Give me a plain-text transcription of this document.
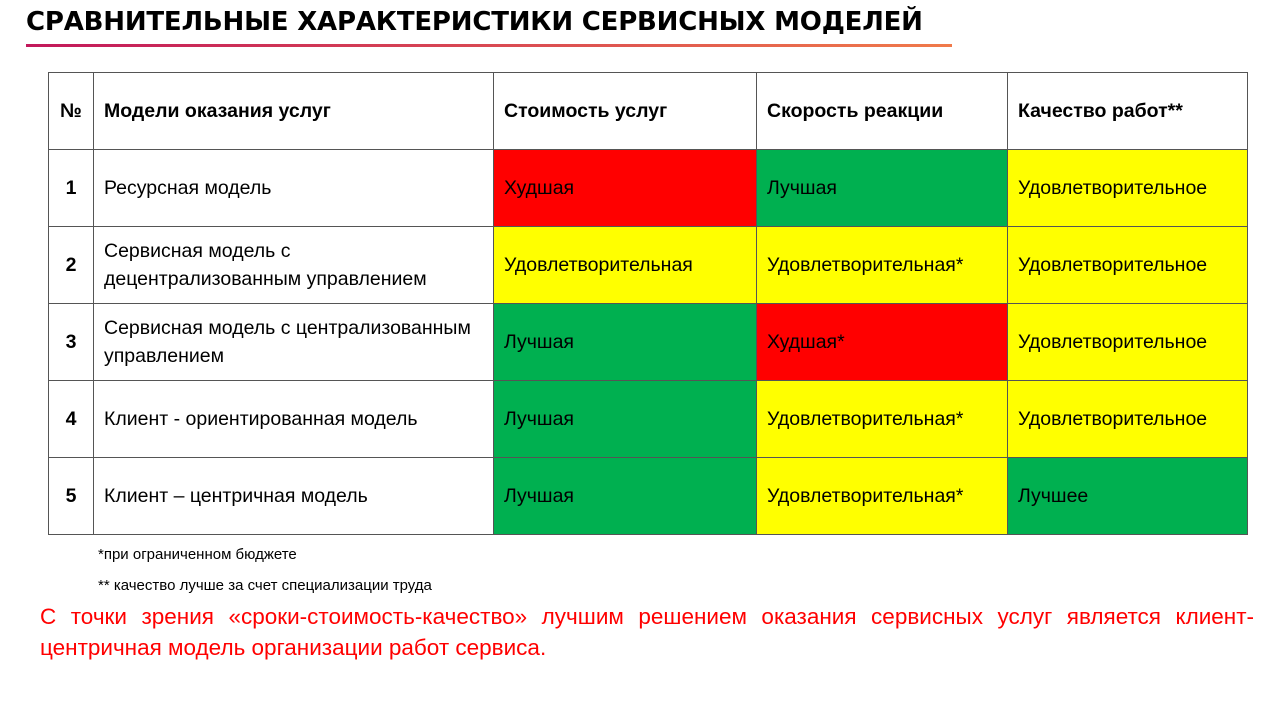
СРАВНИТЕЛЬНЫЕ ХАРАКТЕРИСТИКИ СЕРВИСНЫХ МОДЕЛЕЙ
№	Модели оказания услуг	Стоимость услуг	Скорость реакции	Качество работ**
1	Ресурсная модель	Худшая	Лучшая	Удовлетворительное
2	Сервисная модель с децентрализованным управлением	Удовлетворительная	Удовлетворительная*	Удовлетворительное
3	Сервисная модель с централизованным управлением	Лучшая	Худшая*	Удовлетворительное
4	Клиент - ориентированная модель	Лучшая	Удовлетворительная*	Удовлетворительное
5	Клиент – центричная модель	Лучшая	Удовлетворительная*	Лучшее
*при ограниченном бюджете
** качество лучше за счет специализации труда

С точки зрения «сроки-стоимость-качество» лучшим решением оказания сервисных услуг является клиент-центричная модель организации работ сервиса.
